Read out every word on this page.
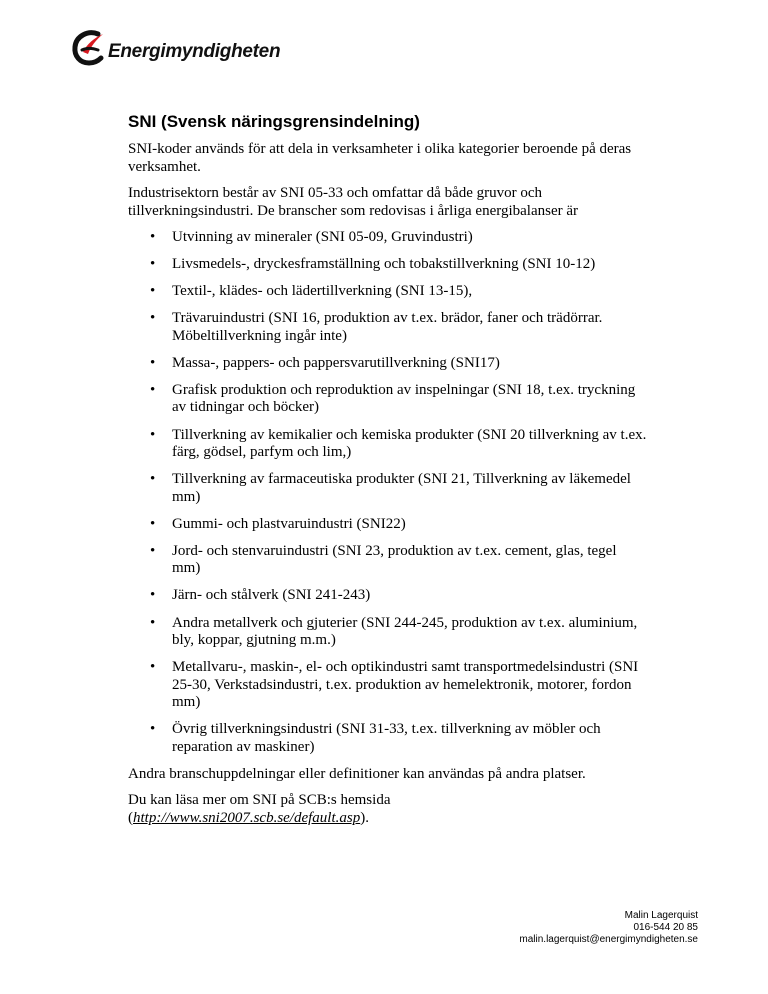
Energimyndigheten
SNI (Svensk näringsgrensindelning)

SNI-koder används för att dela in verksamheter i olika kategorier beroende på deras verksamhet.

Industrisektorn består av SNI 05-33 och omfattar då både gruvor och tillverkningsindustri. De branscher som redovisas i årliga energibalanser är

• Utvinning av mineraler (SNI 05-09, Gruvindustri)
• Livsmedels-, dryckesframställning och tobakstillverkning (SNI 10-12)
• Textil-, klädes- och lädertillverkning (SNI 13-15),
• Trävaruindustri (SNI 16, produktion av t.ex. brädor, faner och trädörrar. Möbeltillverkning ingår inte)
• Massa-, pappers- och pappersvarutillverkning (SNI17)
• Grafisk produktion och reproduktion av inspelningar (SNI 18, t.ex. tryckning av tidningar och böcker)
• Tillverkning av kemikalier och kemiska produkter (SNI 20 tillverkning av t.ex. färg, gödsel, parfym och lim,)
• Tillverkning av farmaceutiska produkter (SNI 21, Tillverkning av läkemedel mm)
• Gummi- och plastvaruindustri (SNI22)
• Jord- och stenvaruindustri (SNI 23, produktion av t.ex. cement, glas, tegel mm)
• Järn- och stålverk (SNI 241-243)
• Andra metallverk och gjuterier (SNI 244-245, produktion av t.ex. aluminium, bly, koppar, gjutning m.m.)
• Metallvaru-, maskin-, el- och optikindustri samt transportmedelsindustri (SNI 25-30, Verkstadsindustri, t.ex. produktion av hemelektronik, motorer, fordon mm)
• Övrig tillverkningsindustri (SNI 31-33, t.ex. tillverkning av möbler och reparation av maskiner)

Andra branschuppdelningar eller definitioner kan användas på andra platser.

Du kan läsa mer om SNI på SCB:s hemsida
(http://www.sni2007.scb.se/default.asp).

Malin Lagerquist
016-544 20 85
malin.lagerquist@energimyndigheten.se
